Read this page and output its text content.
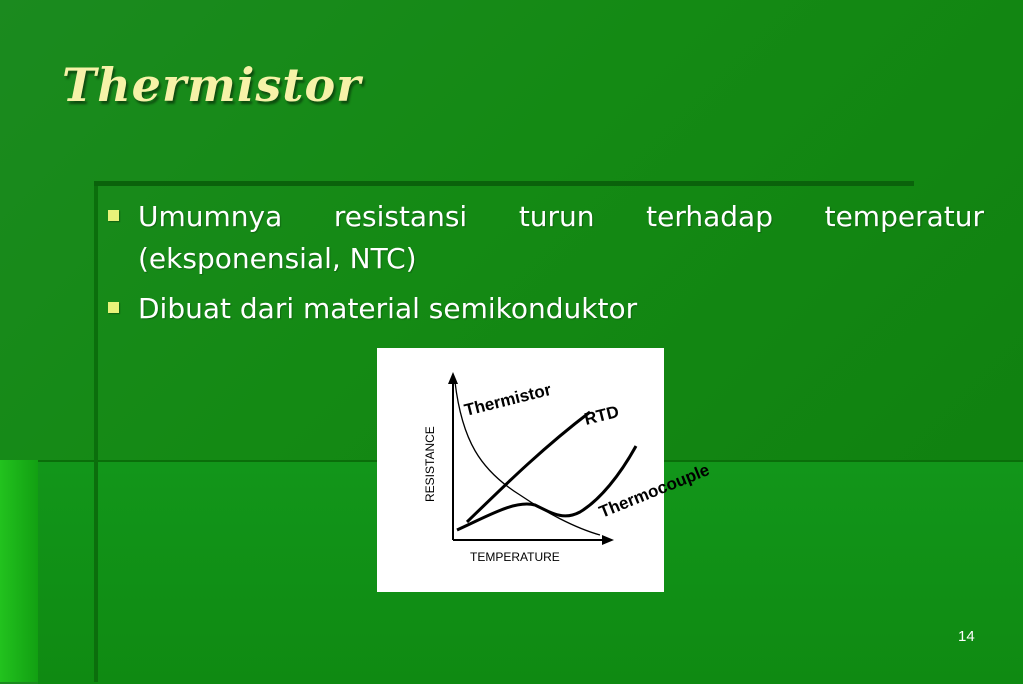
Thermistor
Umumnya resistansi turun terhadap temperatur (eksponensial, NTC)
Dibuat dari material semikonduktor
RESISTANCE
TEMPERATURE
Thermistor RTD
Thermocouple
14
